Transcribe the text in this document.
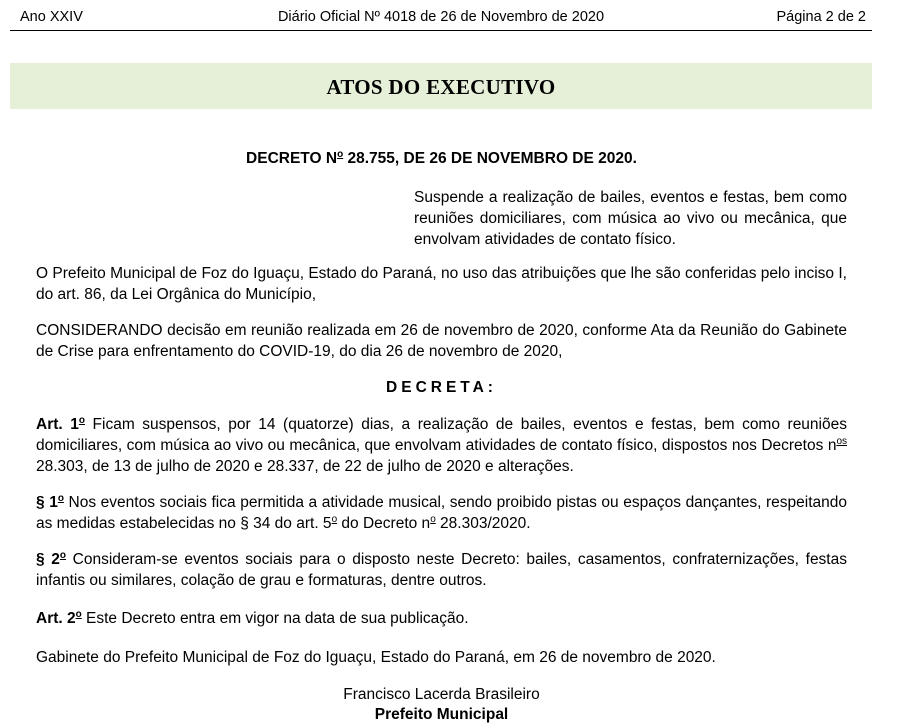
Ano XXIV	Diário Oficial Nº 4018 de 26 de Novembro de 2020	Página 2 de 2
ATOS DO EXECUTIVO
DECRETO $N^o$ 28.755, DE 26 DE NOVEMBRO DE 2020.
Suspende a realização de bailes, eventos e festas, bem como reuniões domiciliares, com música ao vivo ou mecânica, que envolvam atividades de contato físico.
O Prefeito Municipal de Foz do Iguaçu, Estado do Paraná, no uso das atribuições que lhe são conferidas pelo inciso I, do art. 86, da Lei Orgânica do Município,
CONSIDERANDO decisão em reunião realizada em 26 de novembro de 2020, conforme Ata da Reunião do Gabinete de Crise para enfrentamento do COVID-19, do dia 26 de novembro de 2020,
DECRETA:
Art. 1$^o$ Ficam suspensos, por 14 (quatorze) dias, a realização de bailes, eventos e festas, bem como reuniões domiciliares, com música ao vivo ou mecânica, que envolvam atividades de contato físico, dispostos nos Decretos $n^{os}$ 28.303, de 13 de julho de 2020 e 28.337, de 22 de julho de 2020 e alterações.
§ 1$^o$ Nos eventos sociais fica permitida a atividade musical, sendo proibido pistas ou espaços dançantes, respeitando as medidas estabelecidas no § 34 do art. 5$^o$ do Decreto $n^o$ 28.303/2020.
§ 2$^o$ Consideram-se eventos sociais para o disposto neste Decreto: bailes, casamentos, confraternizações, festas infantis ou similares, colação de grau e formaturas, dentre outros.
Art. 2$^o$ Este Decreto entra em vigor na data de sua publicação.
Gabinete do Prefeito Municipal de Foz do Iguaçu, Estado do Paraná, em 26 de novembro de 2020.
Francisco Lacerda Brasileiro
Prefeito Municipal
